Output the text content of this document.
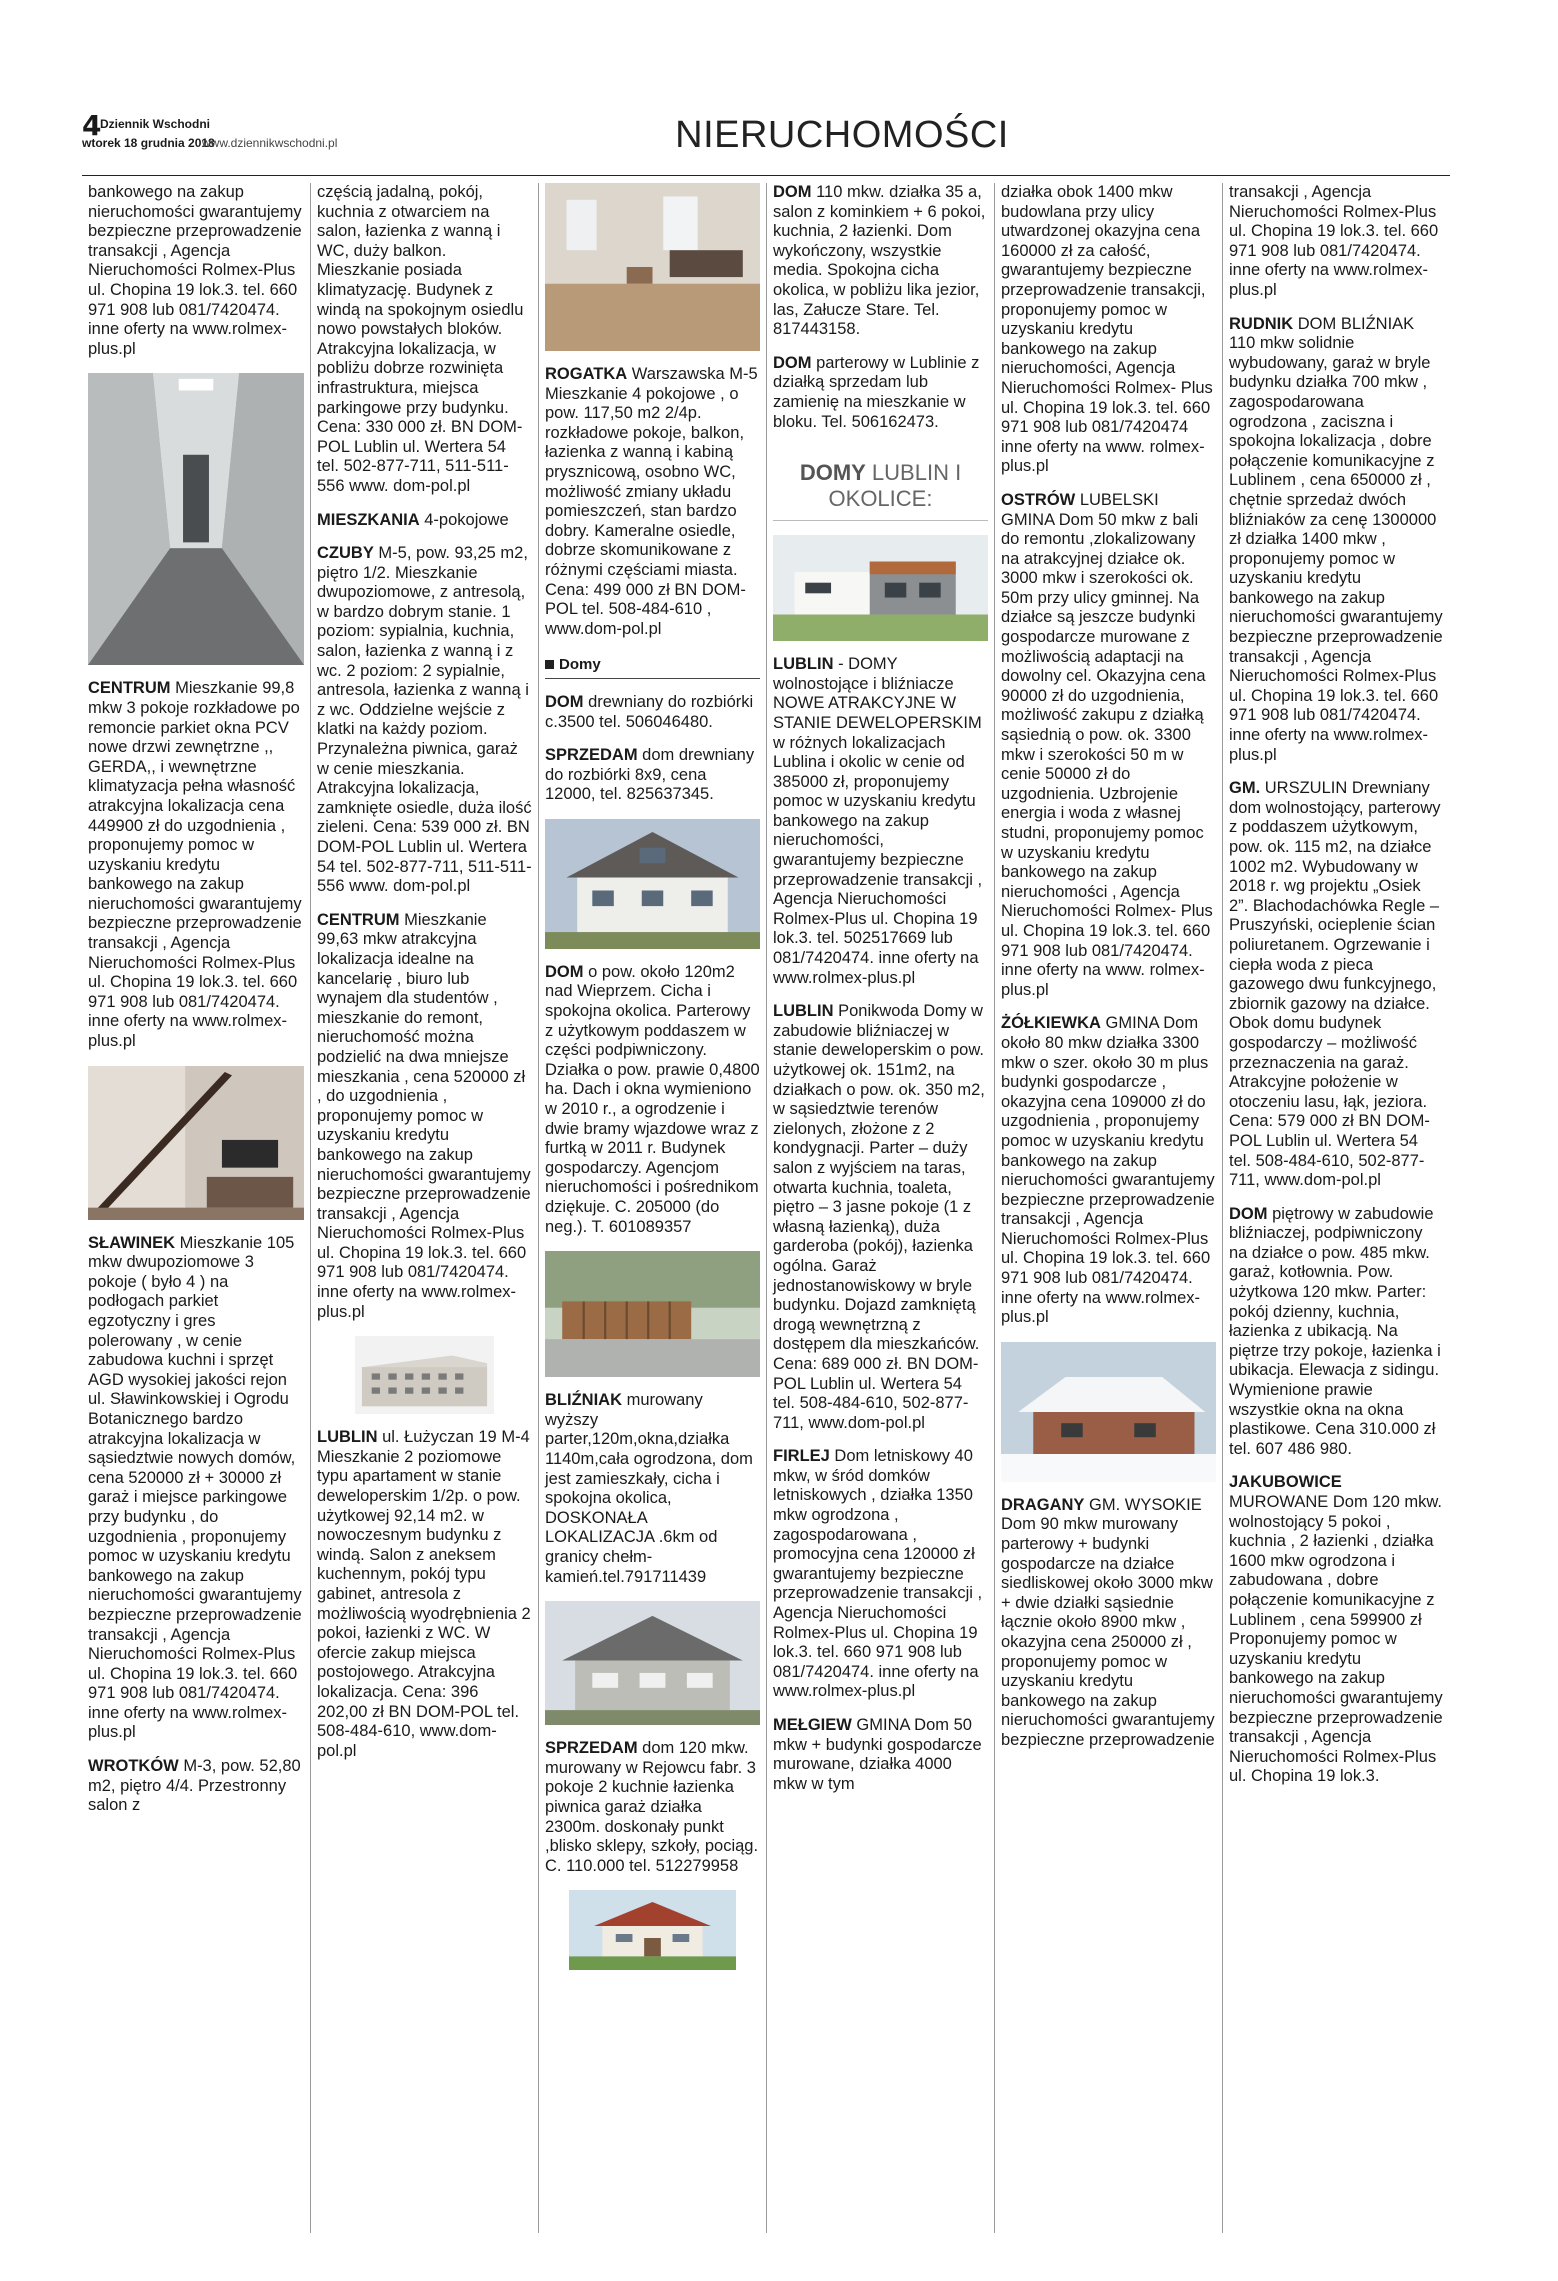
4
Dziennik Wschodni
wtorek 18 grudnia 2018
www.dziennikwschodni.pl	NIERUCHOMOŚCI

bankowego na zakup nieruchomości gwarantujemy bezpieczne przeprowadzenie transakcji , Agencja Nieruchomości Rolmex-Plus ul. Chopina 19 lok.3. tel. 660 971 908 lub 081/7420474. inne oferty na www.rolmex-plus.pl

CENTRUM Mieszkanie 99,8 mkw 3 pokoje rozkładowe po remoncie parkiet okna PCV nowe drzwi zewnętrzne ,, GERDA,, i wewnętrzne klimatyzacja pełna własność atrakcyjna lokalizacja cena 449900 zł do uzgodnienia , proponujemy pomoc w uzyskaniu kredytu bankowego na zakup nieruchomości gwarantujemy bezpieczne przeprowadzenie transakcji , Agencja Nieruchomości Rolmex-Plus ul. Chopina 19 lok.3. tel. 660 971 908 lub 081/7420474. inne oferty na www.rolmex-plus.pl

SŁAWINEK Mieszkanie 105 mkw dwupoziomowe 3 pokoje ( było 4 ) na podłogach parkiet egzotyczny i gres polerowany , w cenie zabudowa kuchni i sprzęt AGD wysokiej jakości rejon ul. Sławinkowskiej i Ogrodu Botanicznego bardzo atrakcyjna lokalizacja w sąsiedztwie nowych domów, cena 520000 zł + 30000 zł garaż i miejsce parkingowe przy budynku , do uzgodnienia , proponujemy pomoc w uzyskaniu kredytu bankowego na zakup nieruchomości gwarantujemy bezpieczne przeprowadzenie transakcji , Agencja Nieruchomości Rolmex-Plus ul. Chopina 19 lok.3. tel. 660 971 908 lub 081/7420474. inne oferty na www.rolmex-plus.pl

WROTKÓW M-3, pow. 52,80 m2, piętro 4/4. Przestronny salon z

częścią jadalną, pokój, kuchnia z otwarciem na salon, łazienka z wanną i WC, duży balkon. Mieszkanie posiada klimatyzację. Budynek z windą na spokojnym osiedlu nowo powstałych bloków. Atrakcyjna lokalizacja, w pobliżu dobrze rozwinięta infrastruktura, miejsca parkingowe przy budynku. Cena: 330 000 zł. BN DOM-POL Lublin ul. Wertera 54 tel. 502-877-711, 511-511-556 www. dom-pol.pl

MIESZKANIA 4-pokojowe

CZUBY M-5, pow. 93,25 m2, piętro 1/2. Mieszkanie dwupoziomowe, z antresolą, w bardzo dobrym stanie. 1 poziom: sypialnia, kuchnia, salon, łazienka z wanną i z wc. 2 poziom: 2 sypialnie, antresola, łazienka z wanną i z wc. Oddzielne wejście z klatki na każdy poziom. Przynależna piwnica, garaż w cenie mieszkania. Atrakcyjna lokalizacja, zamknięte osiedle, duża ilość zieleni. Cena: 539 000 zł. BN DOM-POL Lublin ul. Wertera 54 tel. 502-877-711, 511-511-556 www. dom-pol.pl

CENTRUM Mieszkanie 99,63 mkw atrakcyjna lokalizacja idealne na kancelarię , biuro lub wynajem dla studentów , mieszkanie do remont, nieruchomość można podzielić na dwa mniejsze mieszkania , cena 520000 zł , do uzgodnienia , proponujemy pomoc w uzyskaniu kredytu bankowego na zakup nieruchomości gwarantujemy bezpieczne przeprowadzenie transakcji , Agencja Nieruchomości Rolmex-Plus ul. Chopina 19 lok.3. tel. 660 971 908 lub 081/7420474. inne oferty na www.rolmex-plus.pl

LUBLIN ul. Łużyczan 19 M-4 Mieszkanie 2 poziomowe typu apartament w stanie deweloperskim 1/2p. o pow. użytkowej 92,14 m2. w nowoczesnym budynku z windą. Salon z aneksem kuchennym, pokój typu gabinet, antresola z możliwością wyodrębnienia 2 pokoi, łazienki z WC. W ofercie zakup miejsca postojowego. Atrakcyjna lokalizacja. Cena: 396 202,00 zł BN DOM-POL tel. 508-484-610, www.dom-pol.pl

ROGATKA Warszawska M-5 Mieszkanie 4 pokojowe , o pow. 117,50 m2 2/4p. rozkładowe pokoje, balkon, łazienka z wanną i kabiną prysznicową, osobno WC, możliwość zmiany układu pomieszczeń, stan bardzo dobry. Kameralne osiedle, dobrze skomunikowane z różnymi częściami miasta. Cena: 499 000 zł BN DOM-POL tel. 508-484-610 , www.dom-pol.pl

Domy

DOM drewniany do rozbiórki c.3500 tel. 506046480.

SPRZEDAM dom drewniany do rozbiórki 8x9, cena 12000, tel. 825637345.

DOM o pow. około 120m2 nad Wieprzem. Cicha i spokojna okolica. Parterowy z użytkowym poddaszem w części podpiwniczony. Działka o pow. prawie 0,4800 ha. Dach i okna wymieniono w 2010 r., a ogrodzenie i dwie bramy wjazdowe wraz z furtką w 2011 r. Budynek gospodarczy. Agencjom nieruchomości i pośrednikom dziękuje. C. 205000 (do neg.). T. 601089357

BLIŹNIAK murowany wyższy parter,120m,okna,działka 1140m,cała ogrodzona, dom jest zamieszkały, cicha i spokojna okolica, DOSKONAŁA LOKALIZACJA .6km od granicy chełm-kamień.tel.791711439

SPRZEDAM dom 120 mkw. murowany w Rejowcu fabr. 3 pokoje 2 kuchnie łazienka piwnica garaż działka 2300m. doskonały punkt ,blisko sklepy, szkoły, pociąg. C. 110.000 tel. 512279958

DOM 110 mkw. działka 35 a, salon z kominkiem + 6 pokoi, kuchnia, 2 łazienki. Dom wykończony, wszystkie media. Spokojna cicha okolica, w pobliżu lika jezior, las, Załucze Stare. Tel. 817443158.

DOM parterowy w Lublinie z działką sprzedam lub zamienię na mieszkanie w bloku. Tel. 506162473.

DOMY LUBLIN I OKOLICE:

LUBLIN - DOMY wolnostojące i bliźniacze NOWE ATRAKCYJNE W STANIE DEWELOPERSKIM w różnych lokalizacjach Lublina i okolic w cenie od 385000 zł, proponujemy pomoc w uzyskaniu kredytu bankowego na zakup nieruchomości, gwarantujemy bezpieczne przeprowadzenie transakcji , Agencja Nieruchomości Rolmex-Plus ul. Chopina 19 lok.3. tel. 502517669 lub 081/7420474. inne oferty na www.rolmex-plus.pl

LUBLIN Ponikwoda Domy w zabudowie bliźniaczej w stanie deweloperskim o pow. użytkowej ok. 151m2, na działkach o pow. ok. 350 m2, w sąsiedztwie terenów zielonych, złożone z 2 kondygnacji. Parter – duży salon z wyjściem na taras, otwarta kuchnia, toaleta, piętro – 3 jasne pokoje (1 z własną łazienką), duża garderoba (pokój), łazienka ogólna. Garaż jednostanowiskowy w bryle budynku. Dojazd zamkniętą drogą wewnętrzną z dostępem dla mieszkańców. Cena: 689 000 zł. BN DOM-POL Lublin ul. Wertera 54 tel. 508-484-610, 502-877-711, www.dom-pol.pl

FIRLEJ Dom letniskowy 40 mkw, w śród domków letniskowych , działka 1350 mkw ogrodzona , zagospodarowana , promocyjna cena 120000 zł gwarantujemy bezpieczne przeprowadzenie transakcji , Agencja Nieruchomości Rolmex-Plus ul. Chopina 19 lok.3. tel. 660 971 908 lub 081/7420474. inne oferty na www.rolmex-plus.pl

MEŁGIEW GMINA Dom 50 mkw + budynki gospodarcze murowane, działka 4000 mkw w tym

działka obok 1400 mkw budowlana przy ulicy utwardzonej okazyjna cena 160000 zł za całość, gwarantujemy bezpieczne przeprowadzenie transakcji, proponujemy pomoc w uzyskaniu kredytu bankowego na zakup nieruchomości, Agencja Nieruchomości Rolmex- Plus ul. Chopina 19 lok.3. tel. 660 971 908 lub 081/7420474 inne oferty na www. rolmex-plus.pl

OSTRÓW LUBELSKI GMINA Dom 50 mkw z bali do remontu ,zlokalizowany na atrakcyjnej działce ok. 3000 mkw i szerokości ok. 50m przy ulicy gminnej. Na działce są jeszcze budynki gospodarcze murowane z możliwością adaptacji na dowolny cel. Okazyjna cena 90000 zł do uzgodnienia, możliwość zakupu z działką sąsiednią o pow. ok. 3300 mkw i szerokości 50 m w cenie 50000 zł do uzgodnienia. Uzbrojenie energia i woda z własnej studni, proponujemy pomoc w uzyskaniu kredytu bankowego na zakup nieruchomości , Agencja Nieruchomości Rolmex- Plus ul. Chopina 19 lok.3. tel. 660 971 908 lub 081/7420474. inne oferty na www. rolmex-plus.pl

ŻÓŁKIEWKA GMINA Dom około 80 mkw działka 3300 mkw o szer. około 30 m plus budynki gospodarcze , okazyjna cena 109000 zł do uzgodnienia , proponujemy pomoc w uzyskaniu kredytu bankowego na zakup nieruchomości gwarantujemy bezpieczne przeprowadzenie transakcji , Agencja Nieruchomości Rolmex-Plus ul. Chopina 19 lok.3. tel. 660 971 908 lub 081/7420474. inne oferty na www.rolmex-plus.pl

DRAGANY GM. WYSOKIE Dom 90 mkw murowany parterowy + budynki gospodarcze na działce siedliskowej około 3000 mkw + dwie działki sąsiednie łącznie około 8900 mkw , okazyjna cena 250000 zł , proponujemy pomoc w uzyskaniu kredytu bankowego na zakup nieruchomości gwarantujemy bezpieczne przeprowadzenie

transakcji , Agencja Nieruchomości Rolmex-Plus ul. Chopina 19 lok.3. tel. 660 971 908 lub 081/7420474. inne oferty na www.rolmex-plus.pl

RUDNIK DOM BLIŹNIAK 110 mkw solidnie wybudowany, garaż w bryle budynku działka 700 mkw , zagospodarowana ogrodzona , zaciszna i spokojna lokalizacja , dobre połączenie komunikacyjne z Lublinem , cena 650000 zł , chętnie sprzedaż dwóch bliźniaków za cenę 1300000 zł działka 1400 mkw , proponujemy pomoc w uzyskaniu kredytu bankowego na zakup nieruchomości gwarantujemy bezpieczne przeprowadzenie transakcji , Agencja Nieruchomości Rolmex-Plus ul. Chopina 19 lok.3. tel. 660 971 908 lub 081/7420474. inne oferty na www.rolmex-plus.pl

GM. URSZULIN Drewniany dom wolnostojący, parterowy z poddaszem użytkowym, pow. ok. 115 m2, na działce 1002 m2. Wybudowany w 2018 r. wg projektu „Osiek 2”. Blachodachówka Regle – Pruszyński, ocieplenie ścian poliuretanem. Ogrzewanie i ciepła woda z pieca gazowego dwu funkcyjnego, zbiornik gazowy na działce. Obok domu budynek gospodarczy – możliwość przeznaczenia na garaż. Atrakcyjne położenie w otoczeniu lasu, łąk, jeziora. Cena: 579 000 zł BN DOM-POL Lublin ul. Wertera 54 tel. 508-484-610, 502-877-711, www.dom-pol.pl

DOM piętrowy w zabudowie bliźniaczej, podpiwniczony na działce o pow. 485 mkw. garaż, kotłownia. Pow. użytkowa 120 mkw. Parter: pokój dzienny, kuchnia, łazienka z ubikacją. Na piętrze trzy pokoje, łazienka i ubikacja. Elewacja z sidingu. Wymienione prawie wszystkie okna na okna plastikowe. Cena 310.000 zł tel. 607 486 980.

JAKUBOWICE MUROWANE Dom 120 mkw. wolnostojący 5 pokoi , kuchnia , 2 łazienki , działka 1600 mkw ogrodzona i zabudowana , dobre połączenie komunikacyjne z Lublinem , cena 599900 zł Proponujemy pomoc w uzyskaniu kredytu bankowego na zakup nieruchomości gwarantujemy bezpieczne przeprowadzenie transakcji , Agencja Nieruchomości Rolmex-Plus ul. Chopina 19 lok.3.
